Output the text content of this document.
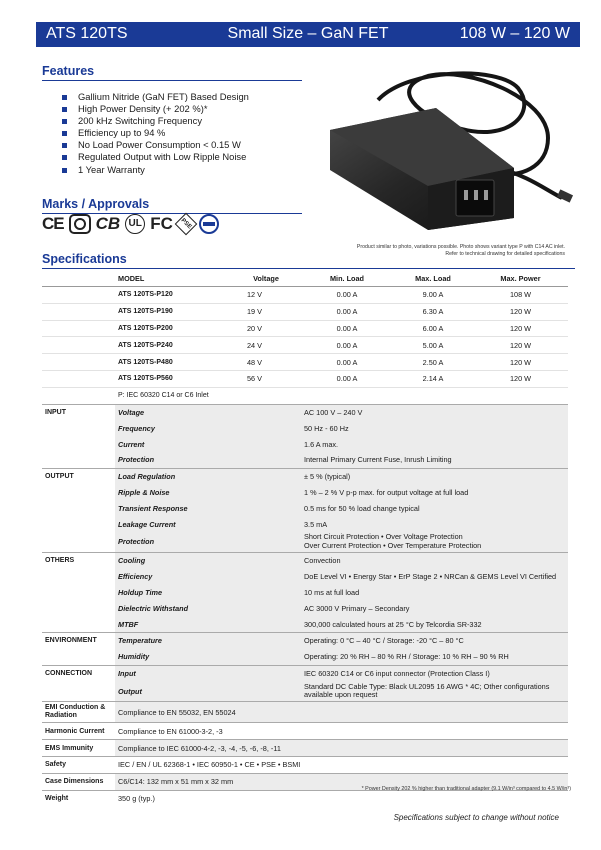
Small Size – GaN FET
ATS 120TS	108 W – 120 W
Features
Gallium Nitride (GaN FET) Based Design
High Power Density (+ 202 %)*
200 kHz Switching Frequency
Efficiency up to 94 %
No Load Power Consumption < 0.15 W
Regulated Output with Low Ripple Noise
1 Year Warranty
Marks / Approvals
CE CB UL FC	PSE
Product similar to photo, variations possible. Photo shows variant type P with C14 AC inlet.
Refer to technical drawing for detailed specifications
Specifications
	MODEL	Voltage	Min. Load	Max. Load	Max. Power
	ATS 120TS-P120	12 V	0.00 A	9.00 A	108 W
	ATS 120TS-P190	19 V	0.00 A	6.30 A	120 W
	ATS 120TS-P200	20 V	0.00 A	6.00 A	120 W
	ATS 120TS-P240	24 V	0.00 A	5.00 A	120 W
	ATS 120TS-P480	48 V	0.00 A	2.50 A	120 W
	ATS 120TS-P560	56 V	0.00 A	2.14 A	120 W
	P: IEC 60320 C14 or C6 Inlet				
INPUT	Voltage		AC 100 V – 240 V		

	Frequency		50 Hz - 60 Hz		

	Current		1.6 A max.		

	Protection		Internal Primary Current Fuse, Inrush Limiting		

OUTPUT	Load Regulation		± 5 % (typical)		

	Ripple & Noise		1 % – 2 % V p-p max. for output voltage at full load		

	Transient Response		0.5 ms for 50 % load change typical		

	Leakage Current		3.5 mA		

	Protection		Short Circuit Protection • Over Voltage Protection
Over Current Protection • Over Temperature Protection		

OTHERS	Cooling		Convection		

	Efficiency		DoE Level VI • Energy Star • ErP Stage 2 • NRCan & GEMS Level VI Certified		

	Holdup Time		10 ms at full load		

	Dielectric Withstand		AC 3000 V Primary – Secondary		

	MTBF		300,000 calculated hours at 25 °C by Telcordia SR-332		

ENVIRONMENT	Temperature		Operating: 0 °C – 40 °C / Storage: -20 °C – 80 °C		

	Humidity		Operating: 20 % RH – 80 % RH / Storage: 10 % RH – 90 % RH		

CONNECTION	Input		IEC 60320 C14 or C6 input connector (Protection Class I)		

	Output		Standard DC Cable Type: Black UL2095 16 AWG * 4C; Other configurations available upon request		

EMI Conduction & Radiation	Compliance to EN 55032, EN 55024				
Harmonic Current	Compliance to EN 61000-3-2, -3				
EMS Immunity	Compliance to IEC 61000-4-2, -3, -4, -5, -6, -8, -11				
Safety	IEC / EN / UL 62368-1 • IEC 60950-1 • CE • PSE • BSMI				
Case Dimensions	C6/C14: 132 mm x 51 mm x 32 mm				
Weight	350 g (typ.)				
* Power Density 202 % higher than traditional adapter (9.1 W/in³ compared to 4.5 W/in³)
Specifications subject to change without notice
